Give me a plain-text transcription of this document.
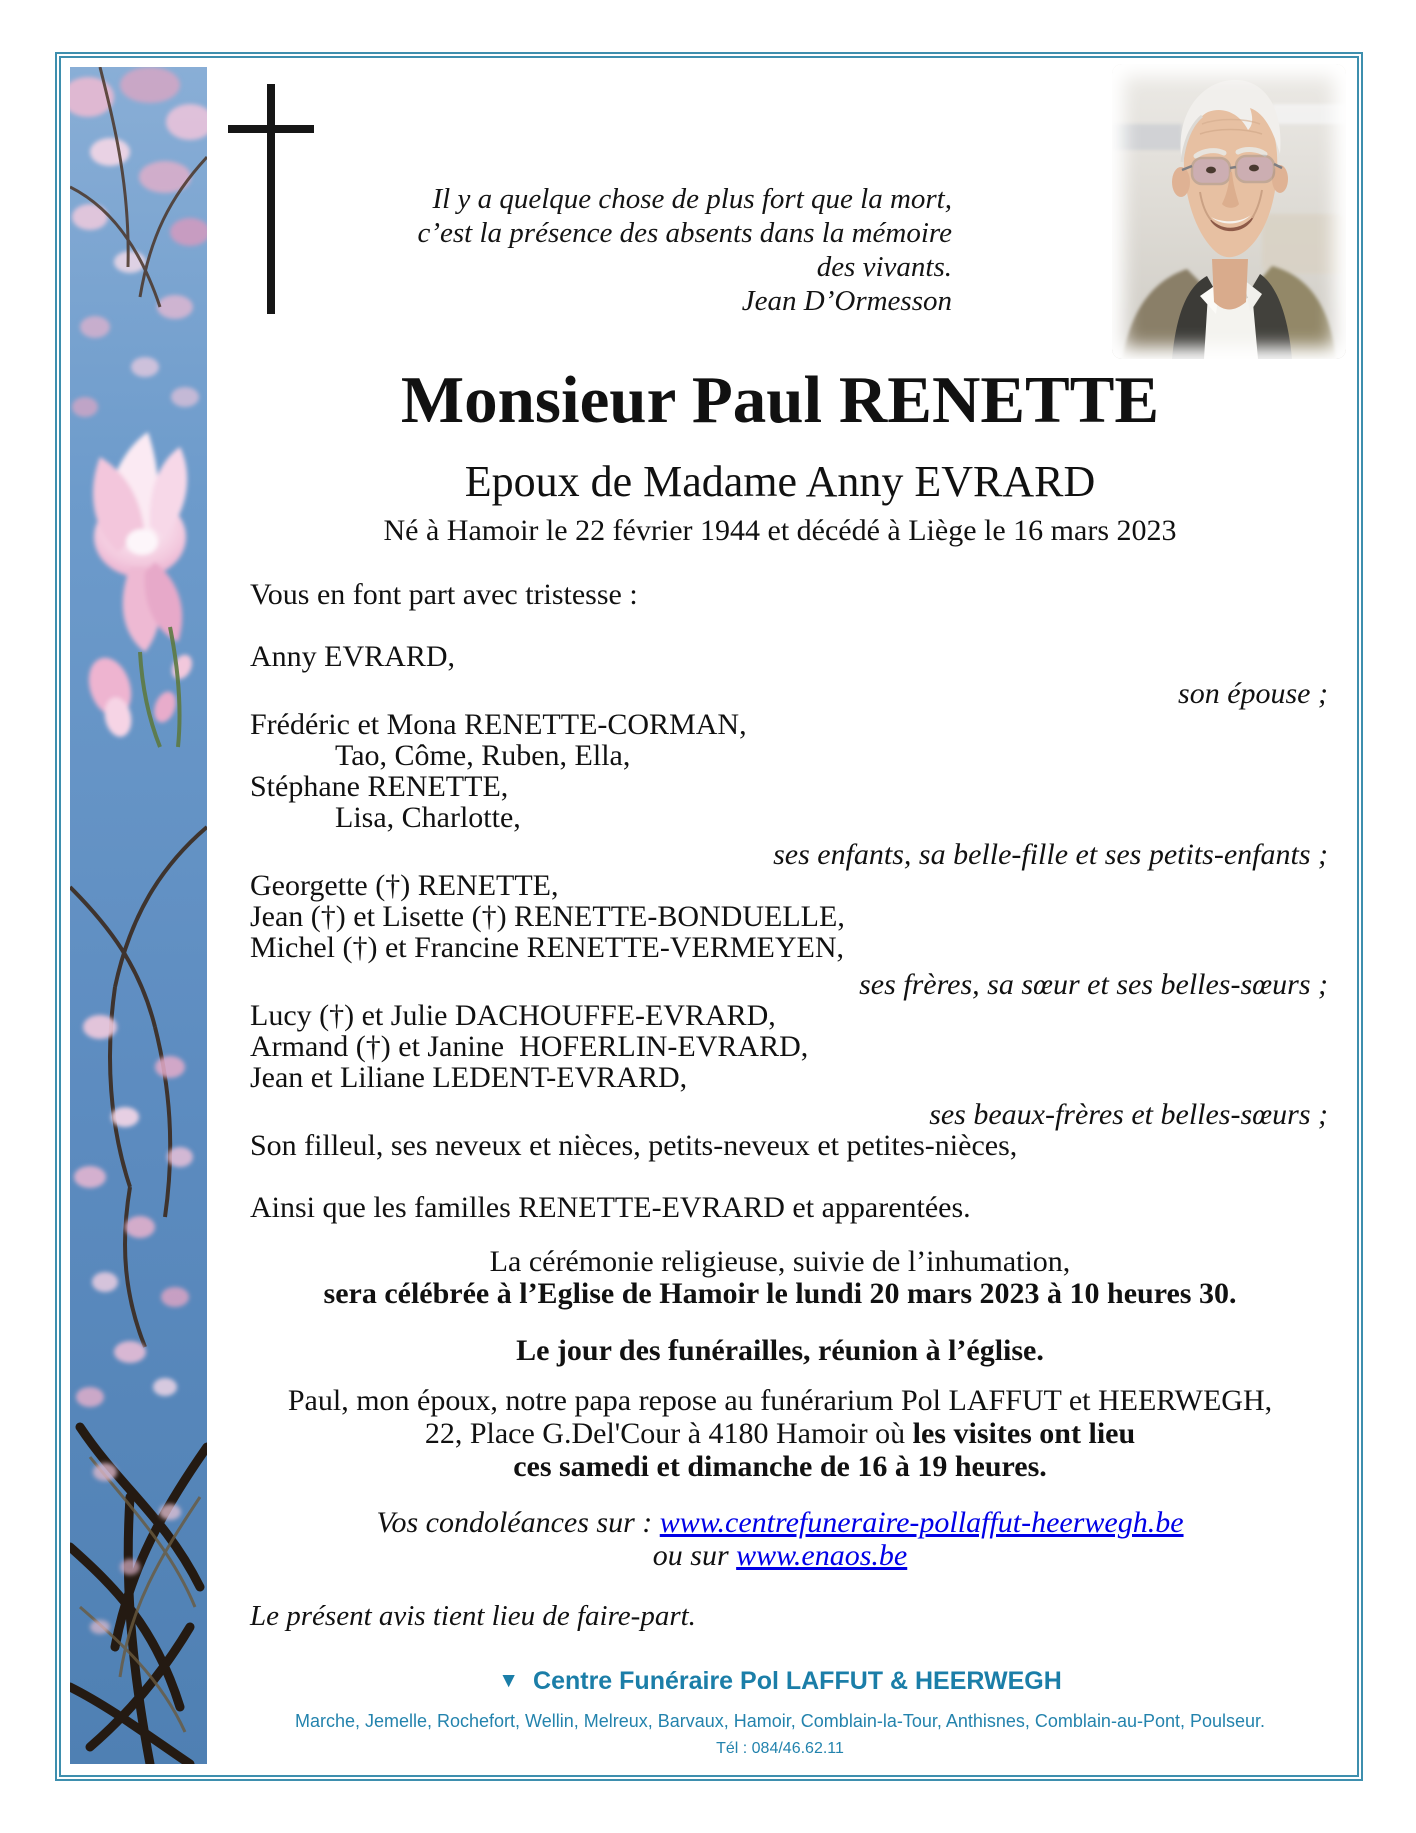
Il y a quelque chose de plus fort que la mort,
c’est la présence des absents dans la mémoire des vivants.
Jean D’Ormesson
Monsieur Paul RENETTE
Epoux de Madame Anny EVRARD
Né à Hamoir le 22 février 1944 et décédé à Liège le 16 mars 2023
Vous en font part avec tristesse :

Anny EVRARD,
son épouse ;
Frédéric et Mona RENETTE-CORMAN,
Tao, Côme, Ruben, Ella,
Stéphane RENETTE,
Lisa, Charlotte,
ses enfants, sa belle-fille et ses petits-enfants ;
Georgette (†) RENETTE,
Jean (†) et Lisette (†) RENETTE-BONDUELLE,
Michel (†) et Francine RENETTE-VERMEYEN,
ses frères, sa sœur et ses belles-sœurs ;
Lucy (†) et Julie DACHOUFFE-EVRARD,
Armand (†) et Janine  HOFERLIN-EVRARD,
Jean et Liliane LEDENT-EVRARD,
ses beaux-frères et belles-sœurs ;
Son filleul, ses neveux et nièces, petits-neveux et petites-nièces,

Ainsi que les familles RENETTE-EVRARD et apparentées.
La cérémonie religieuse, suivie de l’inhumation,
sera célébrée à l’Eglise de Hamoir le lundi 20 mars 2023 à 10 heures 30.
Le jour des funérailles, réunion à l’église.
Paul, mon époux, notre papa repose au funérarium Pol LAFFUT et HEERWEGH,
22, Place G.Del'Cour à 4180 Hamoir où les visites ont lieu
ces samedi et dimanche de 16 à 19 heures.
Vos condoléances sur : www.centrefuneraire-pollaffut-heerwegh.be
ou sur www.enaos.be
Le présent avis tient lieu de faire-part.
▼ Centre Funéraire Pol LAFFUT & HEERWEGH
Marche, Jemelle, Rochefort, Wellin, Melreux, Barvaux, Hamoir, Comblain-la-Tour, Anthisnes, Comblain-au-Pont, Poulseur.
Tél : 084/46.62.11
